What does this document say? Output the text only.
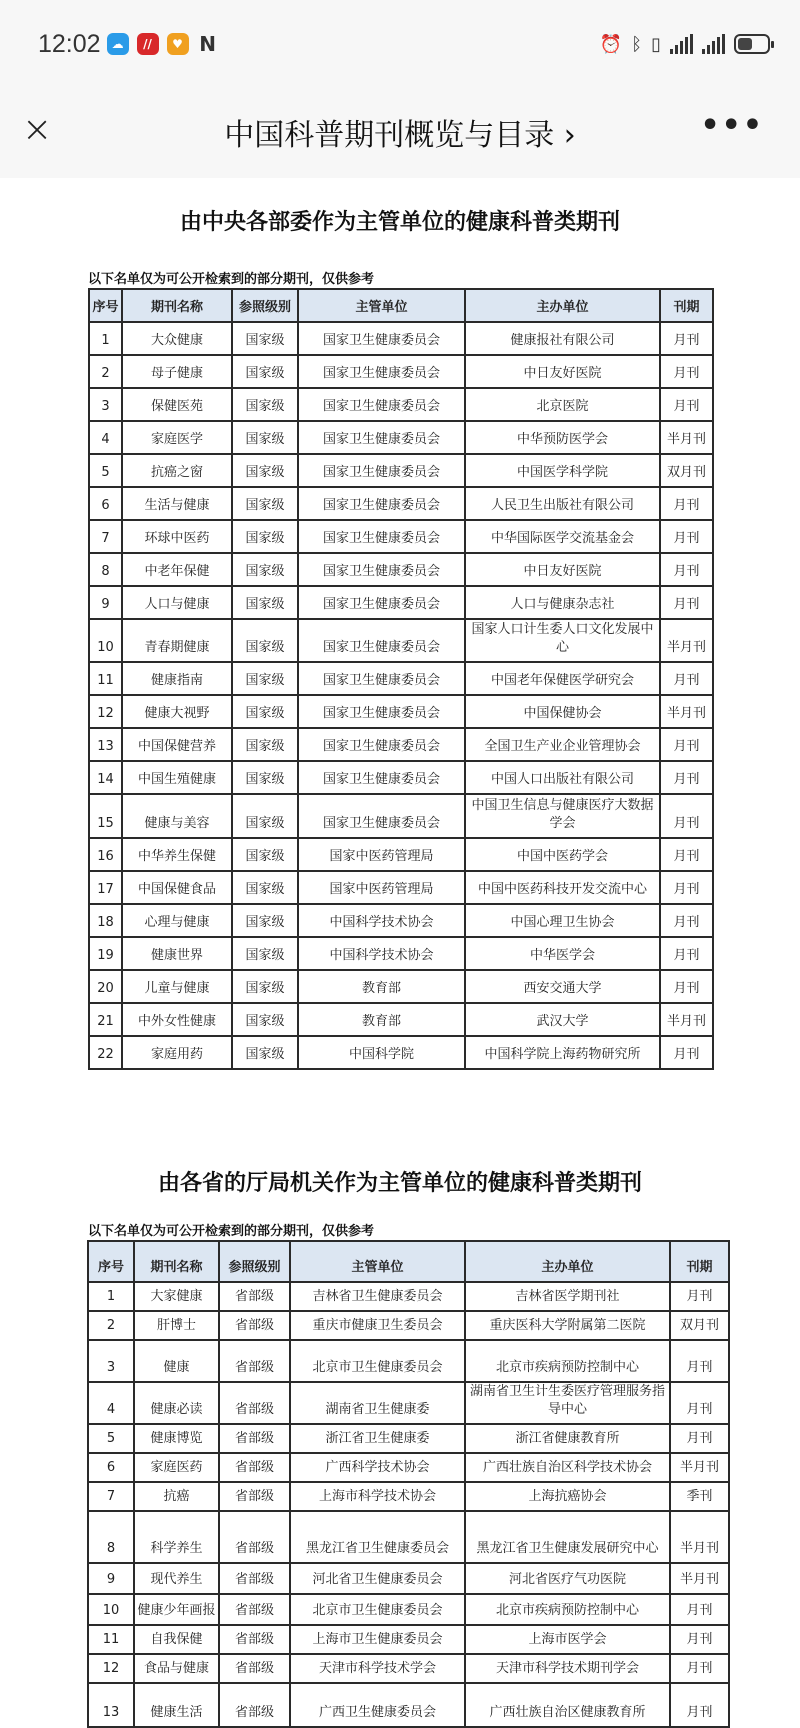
12:02 ☁	//	♥ N	⏰ ᛒ ▯
×	中国科普期刊概览与目录 ›	•••
由中央各部委作为主管单位的健康科普类期刊
以下名单仅为可公开检索到的部分期刊，仅供参考
序号	期刊名称	参照级别	主管单位	主办单位	刊期
1	大众健康	国家级	国家卫生健康委员会	健康报社有限公司	月刊
2	母子健康	国家级	国家卫生健康委员会	中日友好医院	月刊
3	保健医苑	国家级	国家卫生健康委员会	北京医院	月刊
4	家庭医学	国家级	国家卫生健康委员会	中华预防医学会	半月刊
5	抗癌之窗	国家级	国家卫生健康委员会	中国医学科学院	双月刊
6	生活与健康	国家级	国家卫生健康委员会	人民卫生出版社有限公司	月刊
7	环球中医药	国家级	国家卫生健康委员会	中华国际医学交流基金会	月刊
8	中老年保健	国家级	国家卫生健康委员会	中日友好医院	月刊
9	人口与健康	国家级	国家卫生健康委员会	人口与健康杂志社	月刊
10	青春期健康	国家级	国家卫生健康委员会	国家人口计生委人口文化发展中心	半月刊
11	健康指南	国家级	国家卫生健康委员会	中国老年保健医学研究会	月刊
12	健康大视野	国家级	国家卫生健康委员会	中国保健协会	半月刊
13	中国保健营养	国家级	国家卫生健康委员会	全国卫生产业企业管理协会	月刊
14	中国生殖健康	国家级	国家卫生健康委员会	中国人口出版社有限公司	月刊
15	健康与美容	国家级	国家卫生健康委员会	中国卫生信息与健康医疗大数据学会	月刊
16	中华养生保健	国家级	国家中医药管理局	中国中医药学会	月刊
17	中国保健食品	国家级	国家中医药管理局	中国中医药科技开发交流中心	月刊
18	心理与健康	国家级	中国科学技术协会	中国心理卫生协会	月刊
19	健康世界	国家级	中国科学技术协会	中华医学会	月刊
20	儿童与健康	国家级	教育部	西安交通大学	月刊
21	中外女性健康	国家级	教育部	武汉大学	半月刊
22	家庭用药	国家级	中国科学院	中国科学院上海药物研究所	月刊
由各省的厅局机关作为主管单位的健康科普类期刊
以下名单仅为可公开检索到的部分期刊，仅供参考
序号	期刊名称	参照级别	主管单位	主办单位	刊期
1	大家健康	省部级	吉林省卫生健康委员会	吉林省医学期刊社	月刊
2	肝博士	省部级	重庆市健康卫生委员会	重庆医科大学附属第二医院	双月刊
3	健康	省部级	北京市卫生健康委员会	北京市疾病预防控制中心	月刊
4	健康必读	省部级	湖南省卫生健康委	湖南省卫生计生委医疗管理服务指导中心	月刊
5	健康博览	省部级	浙江省卫生健康委	浙江省健康教育所	月刊
6	家庭医药	省部级	广西科学技术协会	广西壮族自治区科学技术协会	半月刊
7	抗癌	省部级	上海市科学技术协会	上海抗癌协会	季刊
8	科学养生	省部级	黑龙江省卫生健康委员会	黑龙江省卫生健康发展研究中心	半月刊
9	现代养生	省部级	河北省卫生健康委员会	河北省医疗气功医院	半月刊
10	健康少年画报	省部级	北京市卫生健康委员会	北京市疾病预防控制中心	月刊
11	自我保健	省部级	上海市卫生健康委员会	上海市医学会	月刊
12	食品与健康	省部级	天津市科学技术学会	天津市科学技术期刊学会	月刊
13	健康生活	省部级	广西卫生健康委员会	广西壮族自治区健康教育所	月刊
